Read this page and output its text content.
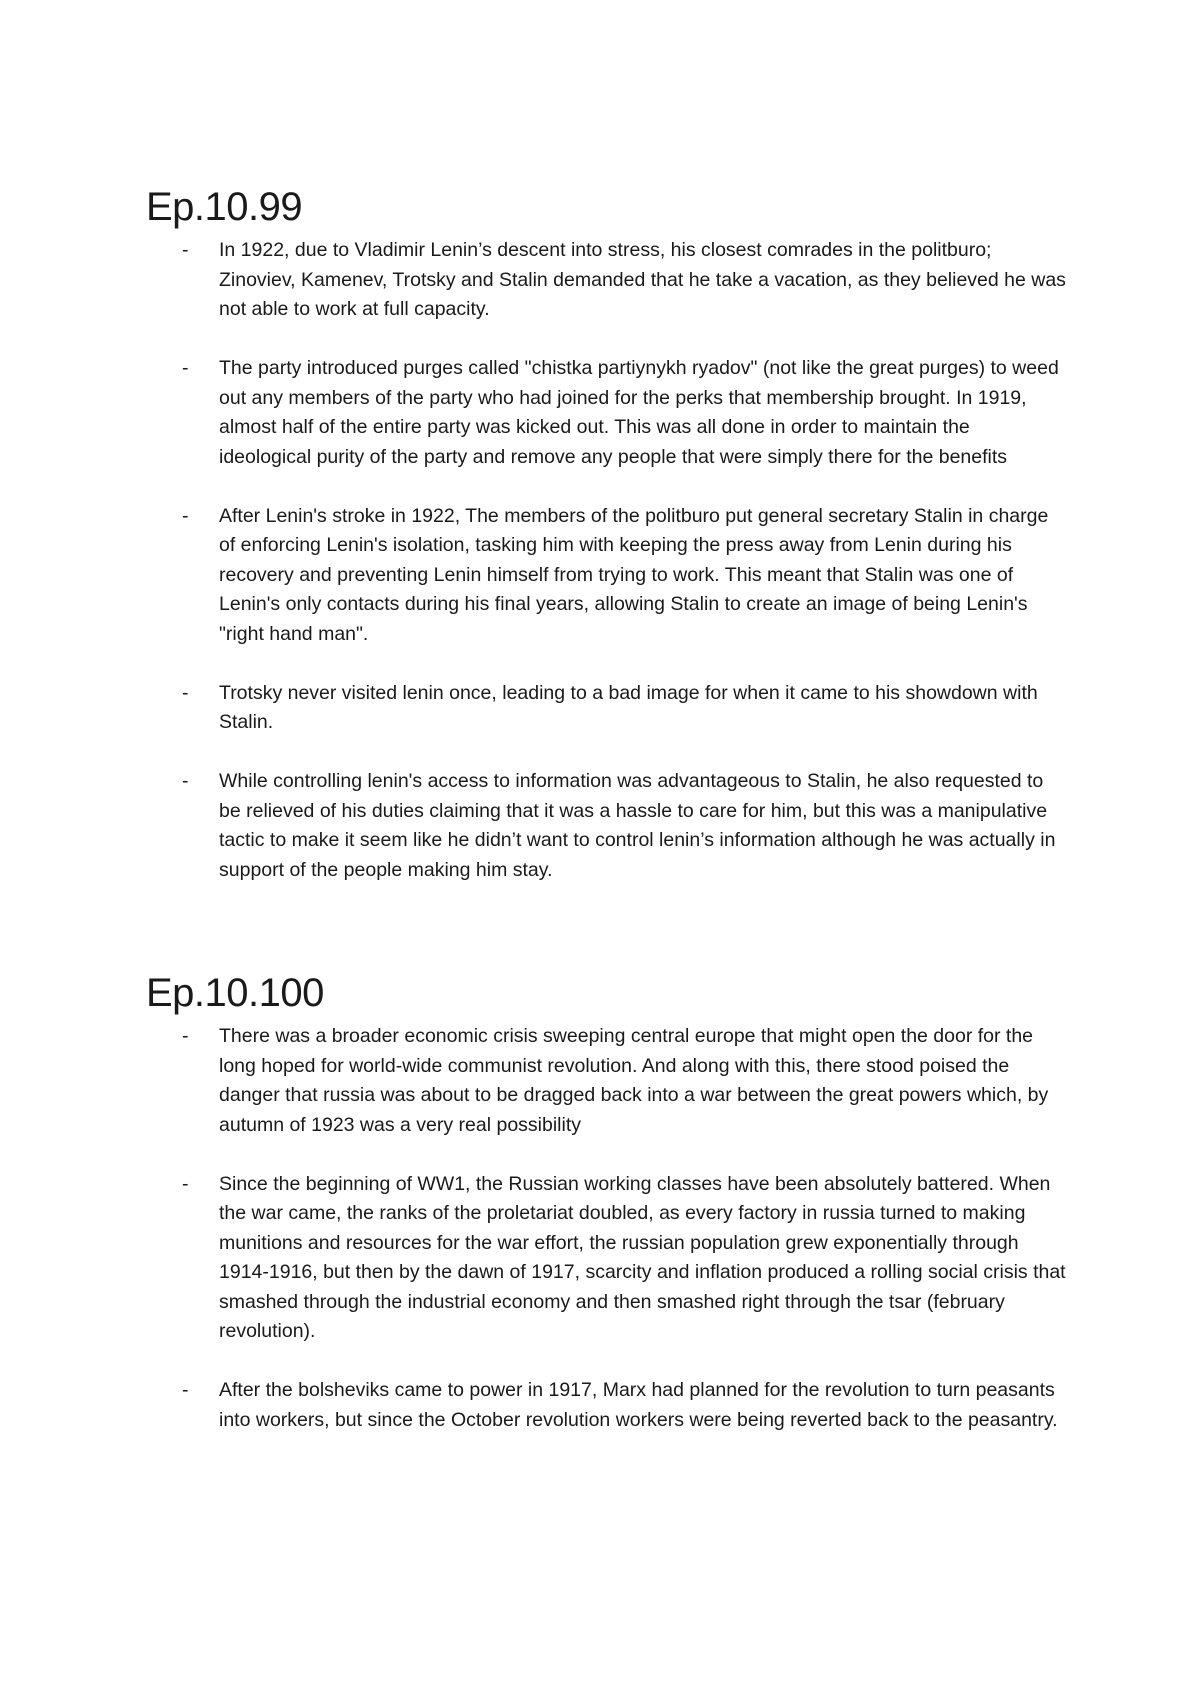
Ep.10.99
- In 1922, due to Vladimir Lenin’s descent into stress, his closest comrades in the politburo; Zinoviev, Kamenev, Trotsky and Stalin demanded that he take a vacation, as they believed he was not able to work at full capacity.
- The party introduced purges called "chistka partiynykh ryadov" (not like the great purges) to weed out any members of the party who had joined for the perks that membership brought. In 1919, almost half of the entire party was kicked out. This was all done in order to maintain the ideological purity of the party and remove any people that were simply there for the benefits
- After Lenin's stroke in 1922, The members of the politburo put general secretary Stalin in charge of enforcing Lenin's isolation, tasking him with keeping the press away from Lenin during his recovery and preventing Lenin himself from trying to work. This meant that Stalin was one of Lenin's only contacts during his final years, allowing Stalin to create an image of being Lenin's "right hand man".
- Trotsky never visited lenin once, leading to a bad image for when it came to his showdown with Stalin.
- While controlling lenin's access to information was advantageous to Stalin, he also requested to be relieved of his duties claiming that it was a hassle to care for him, but this was a manipulative tactic to make it seem like he didn’t want to control lenin’s information although he was actually in support of the people making him stay.
Ep.10.100
- There was a broader economic crisis sweeping central europe that might open the door for the long hoped for world-wide communist revolution. And along with this, there stood poised the danger that russia was about to be dragged back into a war between the great powers which, by autumn of 1923 was a very real possibility
- Since the beginning of WW1, the Russian working classes have been absolutely battered. When the war came, the ranks of the proletariat doubled, as every factory in russia turned to making munitions and resources for the war effort, the russian population grew exponentially through 1914-1916, but then by the dawn of 1917, scarcity and inflation produced a rolling social crisis that smashed through the industrial economy and then smashed right through the tsar (february revolution).
- After the bolsheviks came to power in 1917, Marx had planned for the revolution to turn peasants into workers, but since the October revolution workers were being reverted back to the peasantry.
